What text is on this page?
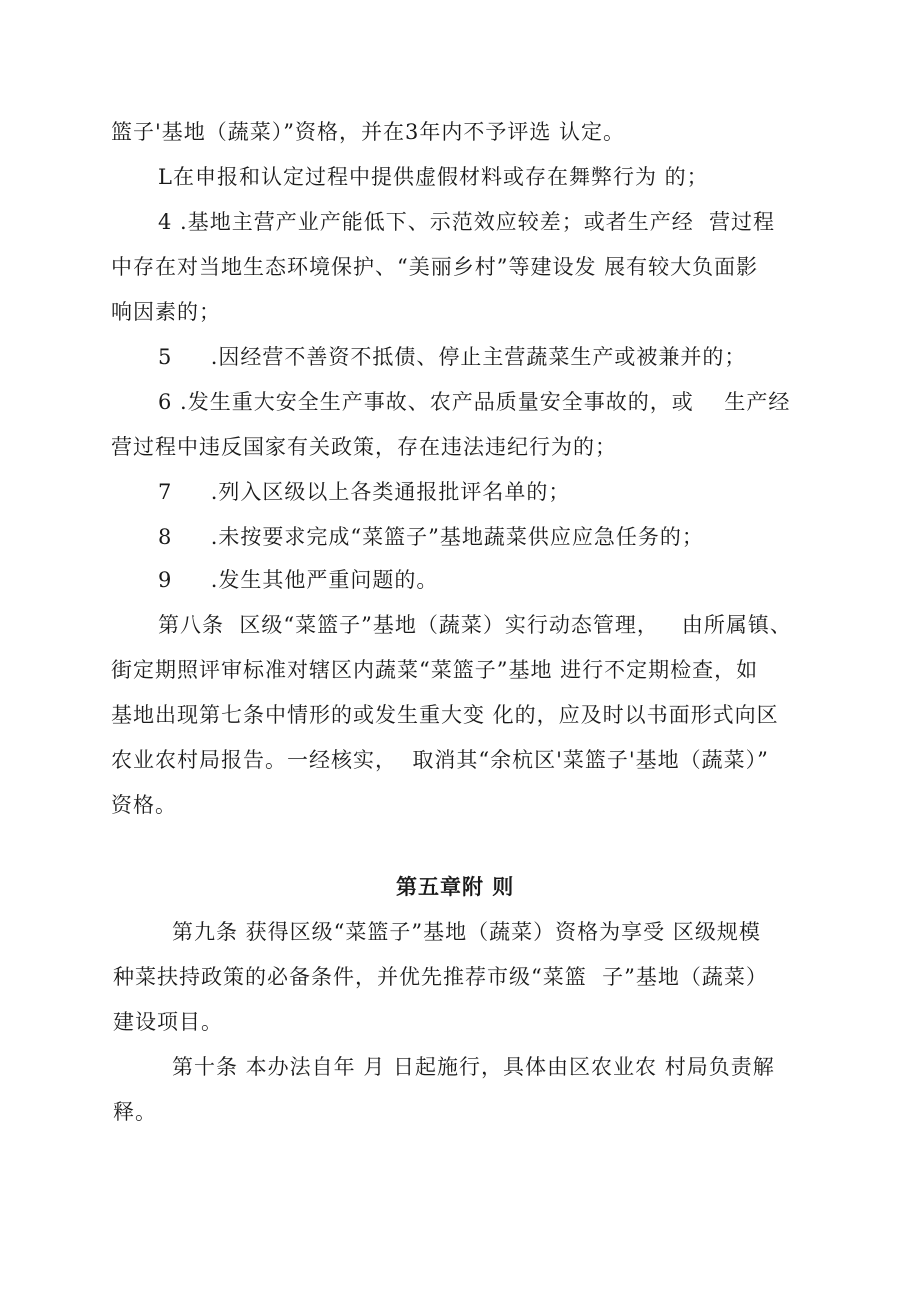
篮子'基地（蔬菜）”资格，并在3年内不予评选 认定。

L在申报和认定过程中提供虚假材料或存在舞弊行为 的；

4 .基地主营产业产能低下、示范效应较差；或者生产经  营过程

中存在对当地生态环境保护、“美丽乡村”等建设发 展有较大负面影

响因素的；

5     .因经营不善资不抵债、停止主营蔬菜生产或被兼并的；

6 .发生重大安全生产事故、农产品质量安全事故的，或    生产经

营过程中违反国家有关政策，存在违法违纪行为的；

7     .列入区级以上各类通报批评名单的；

8     .未按要求完成“菜篮子”基地蔬菜供应应急任务的；

9     .发生其他严重问题的。

第八条  区级“菜篮子”基地（蔬菜）实行动态管理，   由所属镇、

街定期照评审标准对辖区内蔬菜“菜篮子”基地 进行不定期检查，如

基地出现第七条中情形的或发生重大变 化的，应及时以书面形式向区

农业农村局报告。一经核实，  取消其“余杭区'菜篮子'基地（蔬菜）”

资格。

第五章附 则

第九条 获得区级“菜篮子”基地（蔬菜）资格为享受 区级规模

种菜扶持政策的必备条件，并优先推荐市级“菜篮  子”基地（蔬菜）

建设项目。

第十条 本办法自年 月 日起施行，具体由区农业农 村局负责解

释。
